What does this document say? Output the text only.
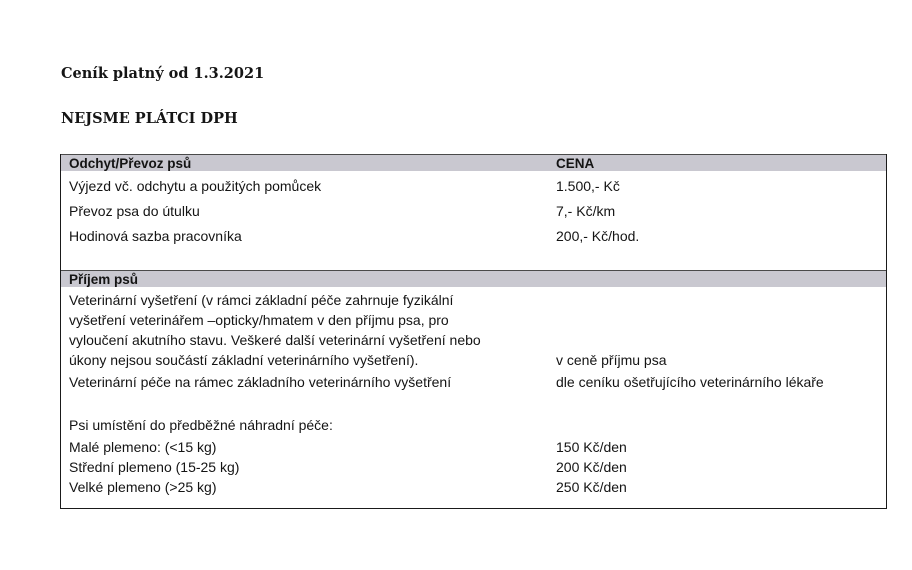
Ceník platný od 1.3.2021
NEJSME PLÁTCI DPH
Odchyt/Převoz psů	CENA
Výjezd vč. odchytu a použitých pomůcek	1.500,- Kč
Převoz psa do útulku	7,- Kč/km
Hodinová sazba pracovníka	200,- Kč/hod.
Příjem psů
Veterinární vyšetření (v rámci základní péče zahrnuje fyzikální
vyšetření veterinářem –opticky/hmatem v den příjmu psa, pro
vyloučení akutního stavu. Veškeré další veterinární vyšetření nebo
úkony nejsou součástí základní veterinárního vyšetření).	v ceně příjmu psa
Veterinární péče na rámec základního veterinárního vyšetření	dle ceníku ošetřujícího veterinárního lékaře
Psi umístění do předběžné náhradní péče:
Malé plemeno: (<15 kg)	150 Kč/den
Střední plemeno (15-25 kg)	200 Kč/den
Velké plemeno (>25 kg)	250 Kč/den
